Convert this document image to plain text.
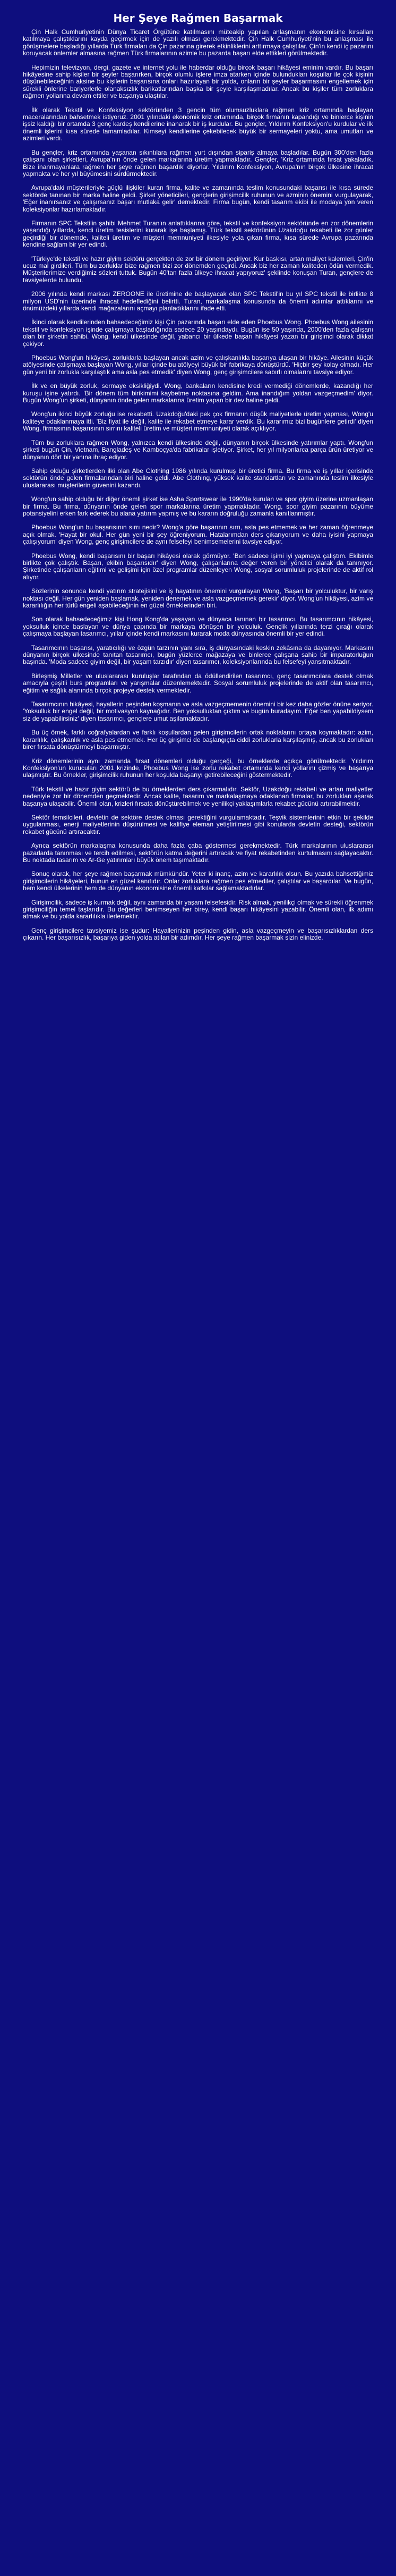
Her Şeye Rağmen Başarmak

Çin Halk Cumhuriyetinin Dünya Ticaret Örgütüne katılmasını müteakip yapılan anlaşmanın ekonomisine kırsalları katılmaya çalıştıklarını kayda geçirmek için de yazılı olması gerekmektedir. Çin Halk Cumhuriyeti'nin bu anlaşması ile görüşmelere başladığı yıllarda Türk firmaları da Çin pazarına girerek etkinliklerini arttırmaya çalıştılar. Çin'in kendi iç pazarını koruyacak önlemler almasına rağmen Türk firmalarının azimle bu pazarda başarı elde ettikleri görülmektedir.

Hepimizin televizyon, dergi, gazete ve internet yolu ile haberdar olduğu birçok başarı hikâyesi eminim vardır. Bu başarı hikâyesine sahip kişiler bir şeyler başarırken, birçok olumlu işlere imza atarken içinde bulundukları koşullar ile çok kişinin düşünebileceğinin aksine bu kişilerin başarısına onları hazırlayan bir yolda, onların bir şeyler başarmasını engellemek için sürekli önlerine bariyerlerle olanaksızlık barikatlarından başka bir şeyle karşılaşmadılar. Ancak bu kişiler tüm zorluklara rağmen yollarına devam ettiler ve başarıya ulaştılar.

İlk olarak Tekstil ve Konfeksiyon sektöründen 3 gencin tüm olumsuzluklara rağmen kriz ortamında başlayan maceralarından bahsetmek istiyoruz. 2001 yılındaki ekonomik kriz ortamında, birçok firmanın kapandığı ve binlerce kişinin işsiz kaldığı bir ortamda 3 genç kardeş kendilerine inanarak bir iş kurdular. Bu gençler, Yıldırım Konfeksiyon'u kurdular ve ilk önemli işlerini kısa sürede tamamladılar. Kimseyi kendilerine çekebilecek büyük bir sermayeleri yoktu, ama umutları ve azimleri vardı.

Bu gençler, kriz ortamında yaşanan sıkıntılara rağmen yurt dışından sipariş almaya başladılar. Bugün 300'den fazla çalışanı olan şirketleri, Avrupa'nın önde gelen markalarına üretim yapmaktadır. Gençler, 'Kriz ortamında fırsat yakaladık. Bize inanmayanlara rağmen her şeye rağmen başardık' diyorlar. Yıldırım Konfeksiyon, Avrupa'nın birçok ülkesine ihracat yapmakta ve her yıl büyümesini sürdürmektedir.

Avrupa'daki müşterileriyle güçlü ilişkiler kuran firma, kalite ve zamanında teslim konusundaki başarısı ile kısa sürede sektörde tanınan bir marka haline geldi. Şirket yöneticileri, gençlerin girişimcilik ruhunun ve azminin önemini vurgulayarak, 'Eğer inanırsanız ve çalışırsanız başarı mutlaka gelir' demektedir. Firma bugün, kendi tasarım ekibi ile modaya yön veren koleksiyonlar hazırlamaktadır.

Firmanın SPC Tekstilin şahibi Mehmet Turan'ın anlattıklarına göre, tekstil ve konfeksiyon sektöründe en zor dönemlerin yaşandığı yıllarda, kendi üretim tesislerini kurarak işe başlamış. Türk tekstil sektörünün Uzakdoğu rekabeti ile zor günler geçirdiği bir dönemde, kaliteli üretim ve müşteri memnuniyeti ilkesiyle yola çıkan firma, kısa sürede Avrupa pazarında kendine sağlam bir yer edindi.

'Türkiye'de tekstil ve hazır giyim sektörü gerçekten de zor bir dönem geçiriyor. Kur baskısı, artan maliyet kalemleri, Çin'in ucuz mal girdileri. Tüm bu zorluklar bize rağmen bizi zor dönemden geçirdi. Ancak biz her zaman kaliteden ödün vermedik. Müşterilerimize verdiğimiz sözleri tuttuk. Bugün 40'tan fazla ülkeye ihracat yapıyoruz' şeklinde konuşan Turan, gençlere de tavsiyelerde bulundu.

2006 yılında kendi markası ZEROONE ile üretimine de başlayacak olan SPC Tekstil'in bu yıl SPC tekstil ile birlikte 8 milyon USD'nin üzerinde ihracat hedeflediğini belirtti. Turan, markalaşma konusunda da önemli adımlar attıklarını ve önümüzdeki yıllarda kendi mağazalarını açmayı planladıklarını ifade etti.

İkinci olarak kendilerinden bahsedeceğimiz kişi Çin pazarında başarı elde eden Phoebus Wong. Phoebus Wong ailesinin tekstil ve konfeksiyon işinde çalışmaya başladığında sadece 20 yaşındaydı. Bugün ise 50 yaşında, 2000'den fazla çalışanı olan bir şirketin sahibi. Wong, kendi ülkesinde değil, yabancı bir ülkede başarı hikâyesi yazan bir girişimci olarak dikkat çekiyor.

Phoebus Wong'un hikâyesi, zorluklarla başlayan ancak azim ve çalışkanlıkla başarıya ulaşan bir hikâye. Ailesinin küçük atölyesinde çalışmaya başlayan Wong, yıllar içinde bu atölyeyi büyük bir fabrikaya dönüştürdü. 'Hiçbir şey kolay olmadı. Her gün yeni bir zorlukla karşılaştık ama asla pes etmedik' diyen Wong, genç girişimcilere sabırlı olmalarını tavsiye ediyor.

İlk ve en büyük zorluk, sermaye eksikliğiydi. Wong, bankaların kendisine kredi vermediği dönemlerde, kazandığı her kuruşu işine yatırdı. 'Bir dönem tüm birikimimi kaybetme noktasına geldim. Ama inandığım yoldan vazgeçmedim' diyor. Bugün Wong'un şirketi, dünyanın önde gelen markalarına üretim yapan bir dev haline geldi.

Wong'un ikinci büyük zorluğu ise rekabetti. Uzakdoğu'daki pek çok firmanın düşük maliyetlerle üretim yapması, Wong'u kaliteye odaklanmaya itti. 'Biz fiyat ile değil, kalite ile rekabet etmeye karar verdik. Bu kararımız bizi bugünlere getirdi' diyen Wong, firmasının başarısının sırrını kaliteli üretim ve müşteri memnuniyeti olarak açıklıyor.

Tüm bu zorluklara rağmen Wong, yalnızca kendi ülkesinde değil, dünyanın birçok ülkesinde yatırımlar yaptı. Wong'un şirketi bugün Çin, Vietnam, Bangladeş ve Kamboçya'da fabrikalar işletiyor. Şirket, her yıl milyonlarca parça ürün üretiyor ve dünyanın dört bir yanına ihraç ediyor.

Sahip olduğu şirketlerden ilki olan Abe Clothing 1986 yılında kurulmuş bir üretici firma. Bu firma ve iş yıllar içerisinde sektörün önde gelen firmalarından biri haline geldi. Abe Clothing, yüksek kalite standartları ve zamanında teslim ilkesiyle uluslararası müşterilerin güvenini kazandı.

Wong'un sahip olduğu bir diğer önemli şirket ise Asha Sportswear ile 1990'da kurulan ve spor giyim üzerine uzmanlaşan bir firma. Bu firma, dünyanın önde gelen spor markalarına üretim yapmaktadır. Wong, spor giyim pazarının büyüme potansiyelini erken fark ederek bu alana yatırım yapmış ve bu kararın doğruluğu zamanla kanıtlanmıştır.

Phoebus Wong'un bu başarısının sırrı nedir? Wong'a göre başarının sırrı, asla pes etmemek ve her zaman öğrenmeye açık olmak. 'Hayat bir okul. Her gün yeni bir şey öğreniyorum. Hatalarımdan ders çıkarıyorum ve daha iyisini yapmaya çalışıyorum' diyen Wong, genç girişimcilere de aynı felsefeyi benimsemelerini tavsiye ediyor.

Phoebus Wong, kendi başarısını bir başarı hikâyesi olarak görmüyor. 'Ben sadece işimi iyi yapmaya çalıştım. Ekibimle birlikte çok çalıştık. Başarı, ekibin başarısıdır' diyen Wong, çalışanlarına değer veren bir yönetici olarak da tanınıyor. Şirketinde çalışanların eğitimi ve gelişimi için özel programlar düzenleyen Wong, sosyal sorumluluk projelerinde de aktif rol alıyor.

Sözlerinin sonunda kendi yatırım stratejisini ve iş hayatının önemini vurgulayan Wong, 'Başarı bir yolculuktur, bir varış noktası değil. Her gün yeniden başlamak, yeniden denemek ve asla vazgeçmemek gerekir' diyor. Wong'un hikâyesi, azim ve kararlılığın her türlü engeli aşabileceğinin en güzel örneklerinden biri.

Son olarak bahsedeceğimiz kişi Hong Kong'da yaşayan ve dünyaca tanınan bir tasarımcı. Bu tasarımcının hikâyesi, yoksulluk içinde başlayan ve dünya çapında bir markaya dönüşen bir yolculuk. Gençlik yıllarında terzi çırağı olarak çalışmaya başlayan tasarımcı, yıllar içinde kendi markasını kurarak moda dünyasında önemli bir yer edindi.

Tasarımcının başarısı, yaratıcılığı ve özgün tarzının yanı sıra, iş dünyasındaki keskin zekâsına da dayanıyor. Markasını dünyanın birçok ülkesinde tanıtan tasarımcı, bugün yüzlerce mağazaya ve binlerce çalışana sahip bir imparatorluğun başında. 'Moda sadece giyim değil, bir yaşam tarzıdır' diyen tasarımcı, koleksiyonlarında bu felsefeyi yansıtmaktadır.

Birleşmiş Milletler ve uluslararası kuruluşlar tarafından da ödüllendirilen tasarımcı, genç tasarımcılara destek olmak amacıyla çeşitli burs programları ve yarışmalar düzenlemektedir. Sosyal sorumluluk projelerinde de aktif olan tasarımcı, eğitim ve sağlık alanında birçok projeye destek vermektedir.

Tasarımcının hikâyesi, hayallerin peşinden koşmanın ve asla vazgeçmemenin önemini bir kez daha gözler önüne seriyor. 'Yoksulluk bir engel değil, bir motivasyon kaynağıdır. Ben yoksulluktan çıktım ve bugün buradayım. Eğer ben yapabildiysem siz de yapabilirsiniz' diyen tasarımcı, gençlere umut aşılamaktadır.

Bu üç örnek, farklı coğrafyalardan ve farklı koşullardan gelen girişimcilerin ortak noktalarını ortaya koymaktadır: azim, kararlılık, çalışkanlık ve asla pes etmemek. Her üç girişimci de başlangıçta ciddi zorluklarla karşılaşmış, ancak bu zorlukları birer fırsata dönüştürmeyi başarmıştır.

Kriz dönemlerinin aynı zamanda fırsat dönemleri olduğu gerçeği, bu örneklerde açıkça görülmektedir. Yıldırım Konfeksiyon'un kurucuları 2001 krizinde, Phoebus Wong ise zorlu rekabet ortamında kendi yollarını çizmiş ve başarıya ulaşmıştır. Bu örnekler, girişimcilik ruhunun her koşulda başarıyı getirebileceğini göstermektedir.

Türk tekstil ve hazır giyim sektörü de bu örneklerden ders çıkarmalıdır. Sektör, Uzakdoğu rekabeti ve artan maliyetler nedeniyle zor bir dönemden geçmektedir. Ancak kalite, tasarım ve markalaşmaya odaklanan firmalar, bu zorlukları aşarak başarıya ulaşabilir. Önemli olan, krizleri fırsata dönüştürebilmek ve yenilikçi yaklaşımlarla rekabet gücünü artırabilmektir.

Sektör temsilcileri, devletin de sektöre destek olması gerektiğini vurgulamaktadır. Teşvik sistemlerinin etkin bir şekilde uygulanması, enerji maliyetlerinin düşürülmesi ve kalifiye eleman yetiştirilmesi gibi konularda devletin desteği, sektörün rekabet gücünü artıracaktır.

Ayrıca sektörün markalaşma konusunda daha fazla çaba göstermesi gerekmektedir. Türk markalarının uluslararası pazarlarda tanınması ve tercih edilmesi, sektörün katma değerini artıracak ve fiyat rekabetinden kurtulmasını sağlayacaktır. Bu noktada tasarım ve Ar-Ge yatırımları büyük önem taşımaktadır.

Sonuç olarak, her şeye rağmen başarmak mümkündür. Yeter ki inanç, azim ve kararlılık olsun. Bu yazıda bahsettiğimiz girişimcilerin hikâyeleri, bunun en güzel kanıtıdır. Onlar zorluklara rağmen pes etmediler, çalıştılar ve başardılar. Ve bugün, hem kendi ülkelerinin hem de dünyanın ekonomisine önemli katkılar sağlamaktadırlar.

Girişimcilik, sadece iş kurmak değil, aynı zamanda bir yaşam felsefesidir. Risk almak, yenilikçi olmak ve sürekli öğrenmek girişimciliğin temel taşlarıdır. Bu değerleri benimseyen her birey, kendi başarı hikâyesini yazabilir. Önemli olan, ilk adımı atmak ve bu yolda kararlılıkla ilerlemektir.

Genç girişimcilere tavsiyemiz ise şudur: Hayallerinizin peşinden gidin, asla vazgeçmeyin ve başarısızlıklardan ders çıkarın. Her başarısızlık, başarıya giden yolda atılan bir adımdır. Her şeye rağmen başarmak sizin elinizde.
